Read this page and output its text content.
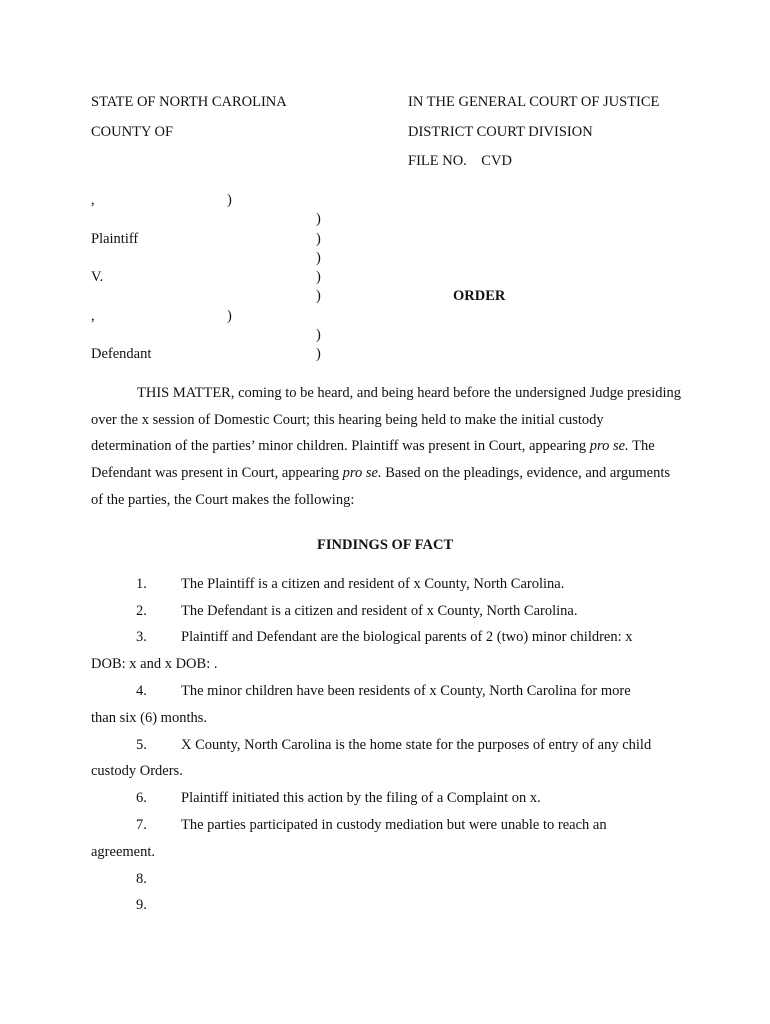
STATE OF NORTH CAROLINA
COUNTY OF
IN THE GENERAL COURT OF JUSTICE
DISTRICT COURT DIVISION
FILE NO.    CVD
,
Plaintiff
V.
,
Defendant
)
)
)
)
)
)
)
)
)
ORDER
THIS MATTER, coming to be heard, and being heard before the undersigned Judge presiding over the x session of Domestic Court; this hearing being held to make the initial custody determination of the parties’ minor children. Plaintiff was present in Court, appearing pro se. The Defendant was present in Court, appearing pro se. Based on the pleadings, evidence, and arguments of the parties, the Court makes the following:
FINDINGS OF FACT
1. The Plaintiff is a citizen and resident of x County, North Carolina.
2. The Defendant is a citizen and resident of x County, North Carolina.
3. Plaintiff and Defendant are the biological parents of 2 (two) minor children: x
DOB: x and x DOB: .
4. The minor children have been residents of x County, North Carolina for more
than six (6) months.
5. X County, North Carolina is the home state for the purposes of entry of any child
custody Orders.
6. Plaintiff initiated this action by the filing of a Complaint on x.
7. The parties participated in custody mediation but were unable to reach an
agreement.
8.
9.
